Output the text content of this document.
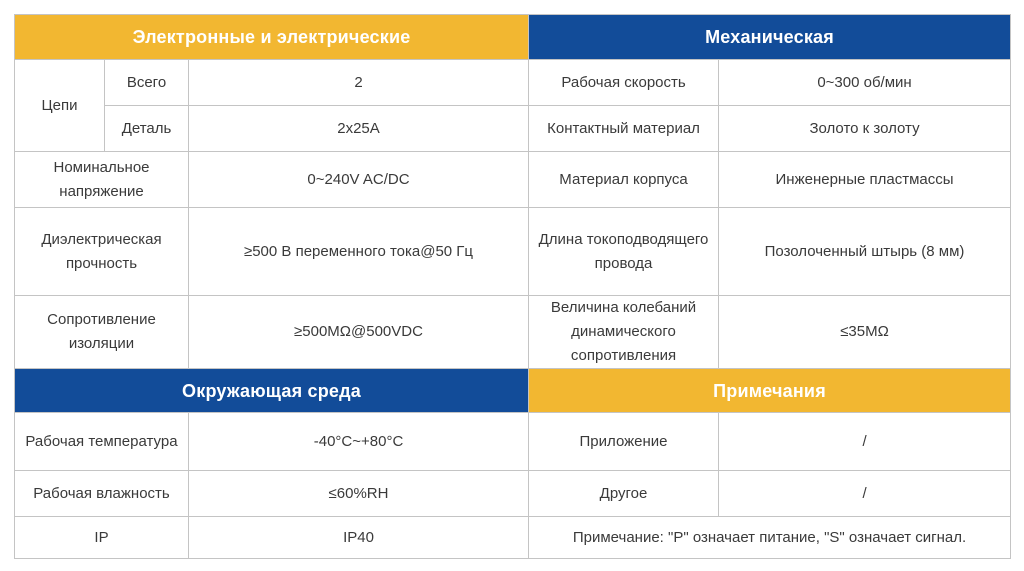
Электронные и электрические			Механическая	
Цепи	Всего	2	Рабочая скорость	0~300 об/мин
	Деталь	2x25A	Контактный материал	Золото к золоту
Номинальное напряжение		0~240V AC/DC	Материал корпуса	Инженерные пластмассы
Диэлектрическая прочность		≥500 В переменного тока@50 Гц	Длина токоподводящего провода	Позолоченный штырь (8 мм)
Сопротивление изоляции		≥500MΩ@500VDC	Величина колебаний динамического сопротивления	≤35MΩ
Окружающая среда			Примечания	
Рабочая температура		-40°C~+80°C	Приложение	/
Рабочая влажность		≤60%RH	Другое	/
IP		IP40	Примечание: "P" означает питание, "S" означает сигнал.	
